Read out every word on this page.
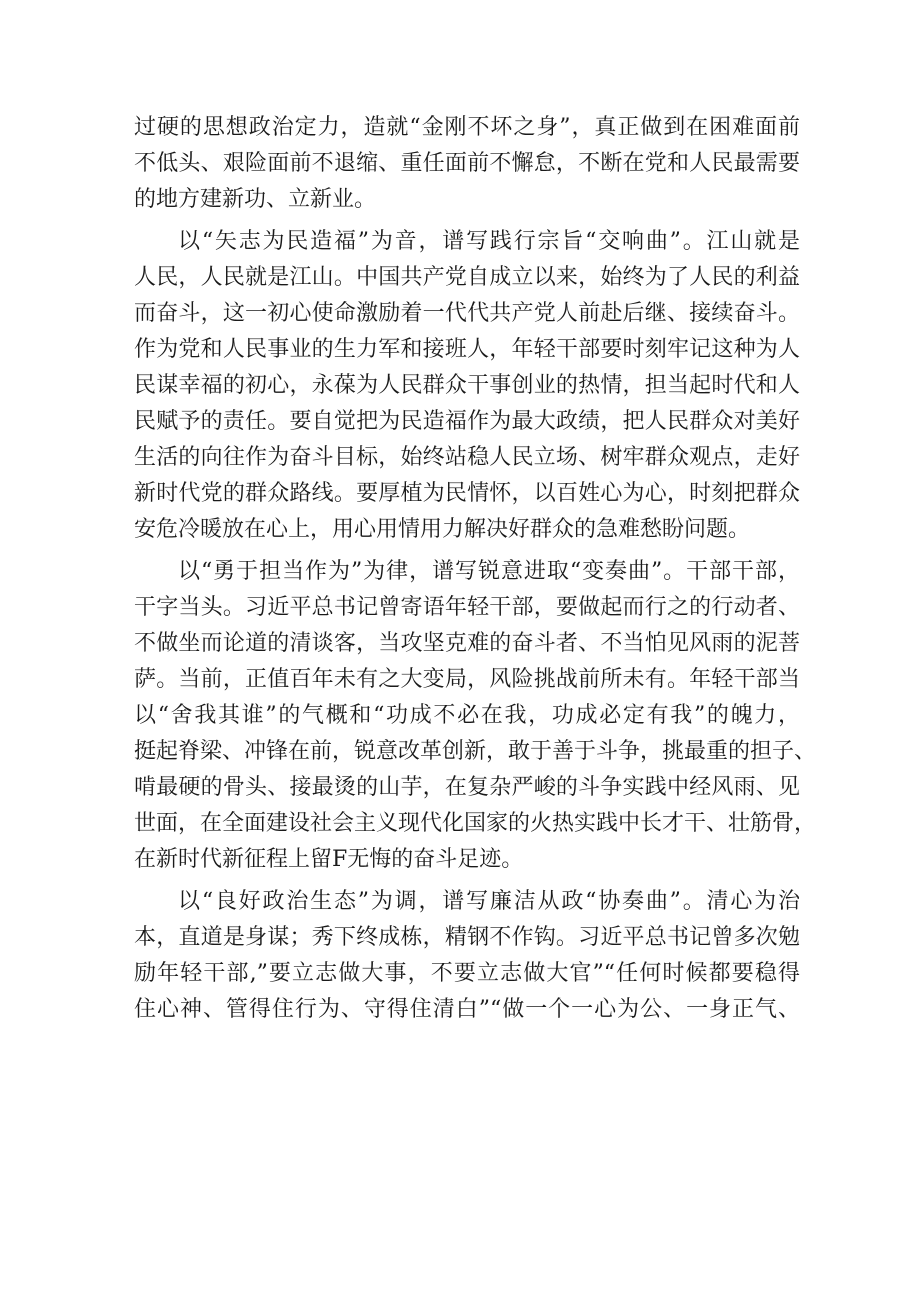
过硬的思想政治定力，造就“金刚不坏之身”，真正做到在困难面前
不低头、艰险面前不退缩、重任面前不懈怠，不断在党和人民最需要
的地方建新功、立新业。
以“矢志为民造福”为音，谱写践行宗旨“交响曲”。江山就是
人民，人民就是江山。中国共产党自成立以来，始终为了人民的利益
而奋斗，这一初心使命激励着一代代共产党人前赴后继、接续奋斗。
作为党和人民事业的生力军和接班人，年轻干部要时刻牢记这种为人
民谋幸福的初心，永葆为人民群众干事创业的热情，担当起时代和人
民赋予的责任。要自觉把为民造福作为最大政绩，把人民群众对美好
生活的向往作为奋斗目标，始终站稳人民立场、树牢群众观点，走好
新时代党的群众路线。要厚植为民情怀，以百姓心为心，时刻把群众
安危冷暖放在心上，用心用情用力解决好群众的急难愁盼问题。
以“勇于担当作为”为律，谱写锐意进取“变奏曲”。干部干部，
干字当头。习近平总书记曾寄语年轻干部，要做起而行之的行动者、
不做坐而论道的清谈客，当攻坚克难的奋斗者、不当怕见风雨的泥菩
萨。当前，正值百年未有之大变局，风险挑战前所未有。年轻干部当
以“舍我其谁”的气概和“功成不必在我，功成必定有我”的魄力，
挺起脊梁、冲锋在前，锐意改革创新，敢于善于斗争，挑最重的担子、
啃最硬的骨头、接最烫的山芋，在复杂严峻的斗争实践中经风雨、见
世面，在全面建设社会主义现代化国家的火热实践中长才干、壮筋骨，
在新时代新征程上留F无悔的奋斗足迹。
以“良好政治生态”为调，谱写廉洁从政“协奏曲”。清心为治
本，直道是身谋；秀下终成栋，精钢不作钩。习近平总书记曾多次勉
励年轻干部,”要立志做大事，不要立志做大官”“任何时候都要稳得
住心神、管得住行为、守得住清白”“做一个一心为公、一身正气、
